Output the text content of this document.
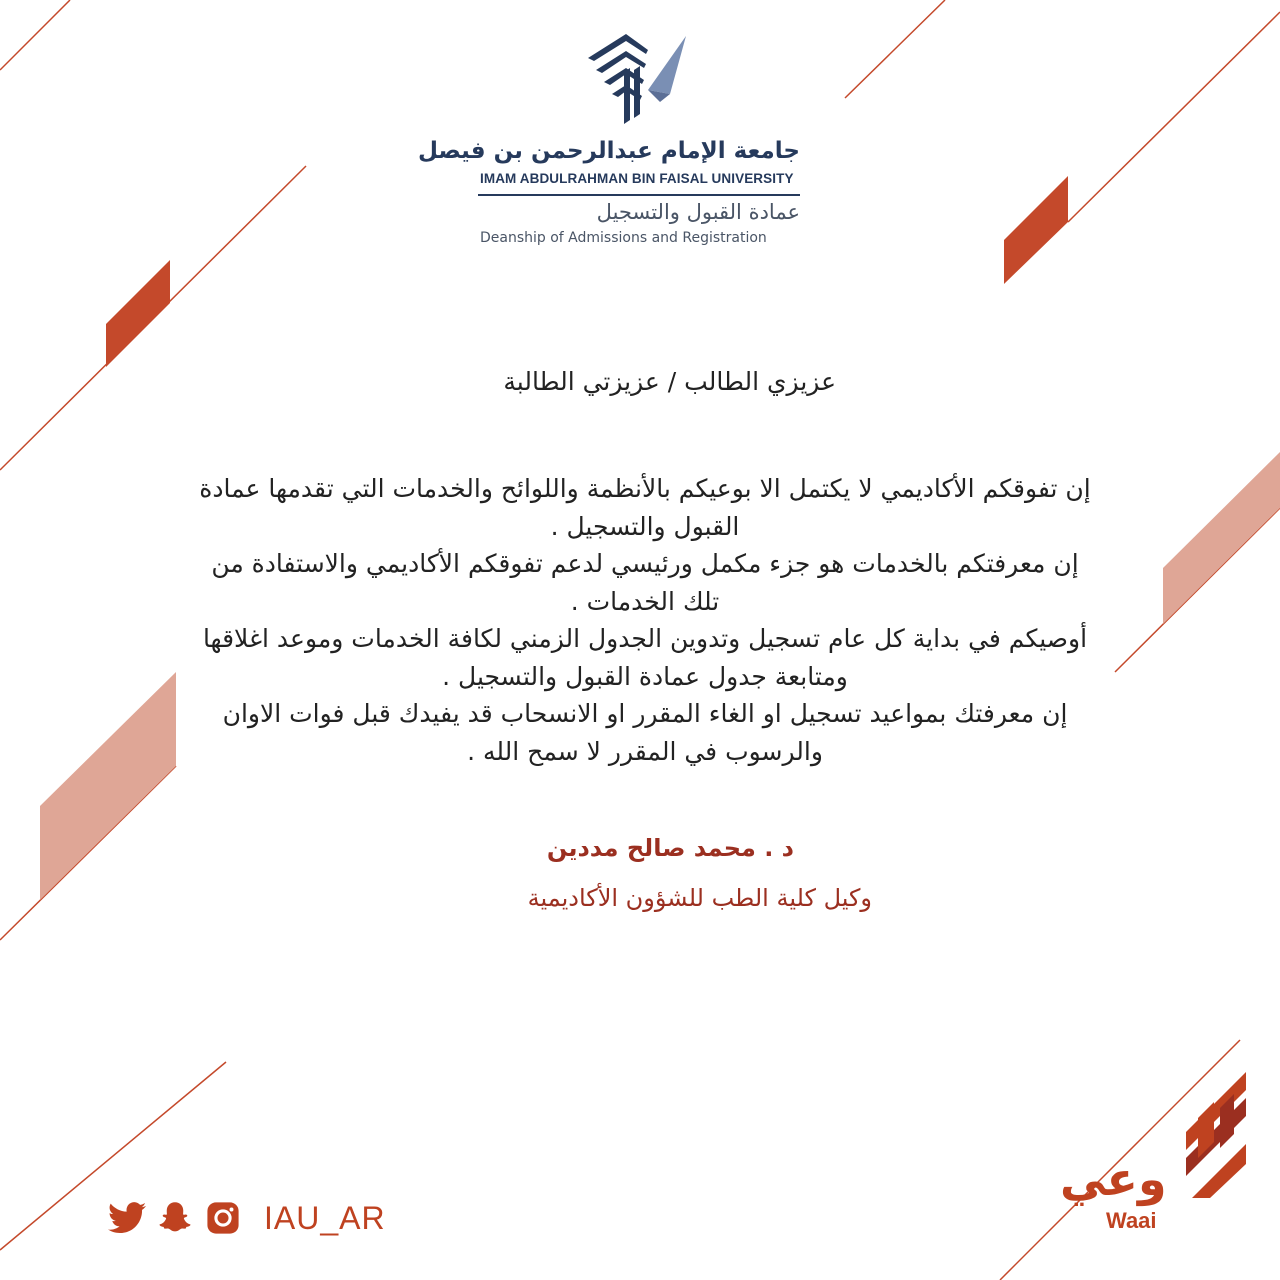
جامعة الإمام عبدالرحمن بن فيصل
IMAM ABDULRAHMAN BIN FAISAL UNIVERSITY
عمادة القبول والتسجيل
Deanship of Admissions and Registration
عزيزي الطالب / عزيزتي الطالبة

إن تفوقكم الأكاديمي لا يكتمل الا بوعيكم بالأنظمة واللوائح والخدمات التي تقدمها عمادة القبول والتسجيل .

إن معرفتكم بالخدمات هو جزء مكمل ورئيسي لدعم تفوقكم الأكاديمي والاستفادة من تلك الخدمات .

أوصيكم في بداية كل عام تسجيل وتدوين الجدول الزمني لكافة الخدمات وموعد اغلاقها ومتابعة جدول عمادة القبول والتسجيل .

إن معرفتك بمواعيد تسجيل او الغاء المقرر او الانسحاب قد يفيدك قبل فوات الاوان والرسوب في المقرر لا سمح الله .

د . محمد صالح مددين
وكيل كلية الطب للشؤون الأكاديمية
IAU_AR
وعي
Waai
